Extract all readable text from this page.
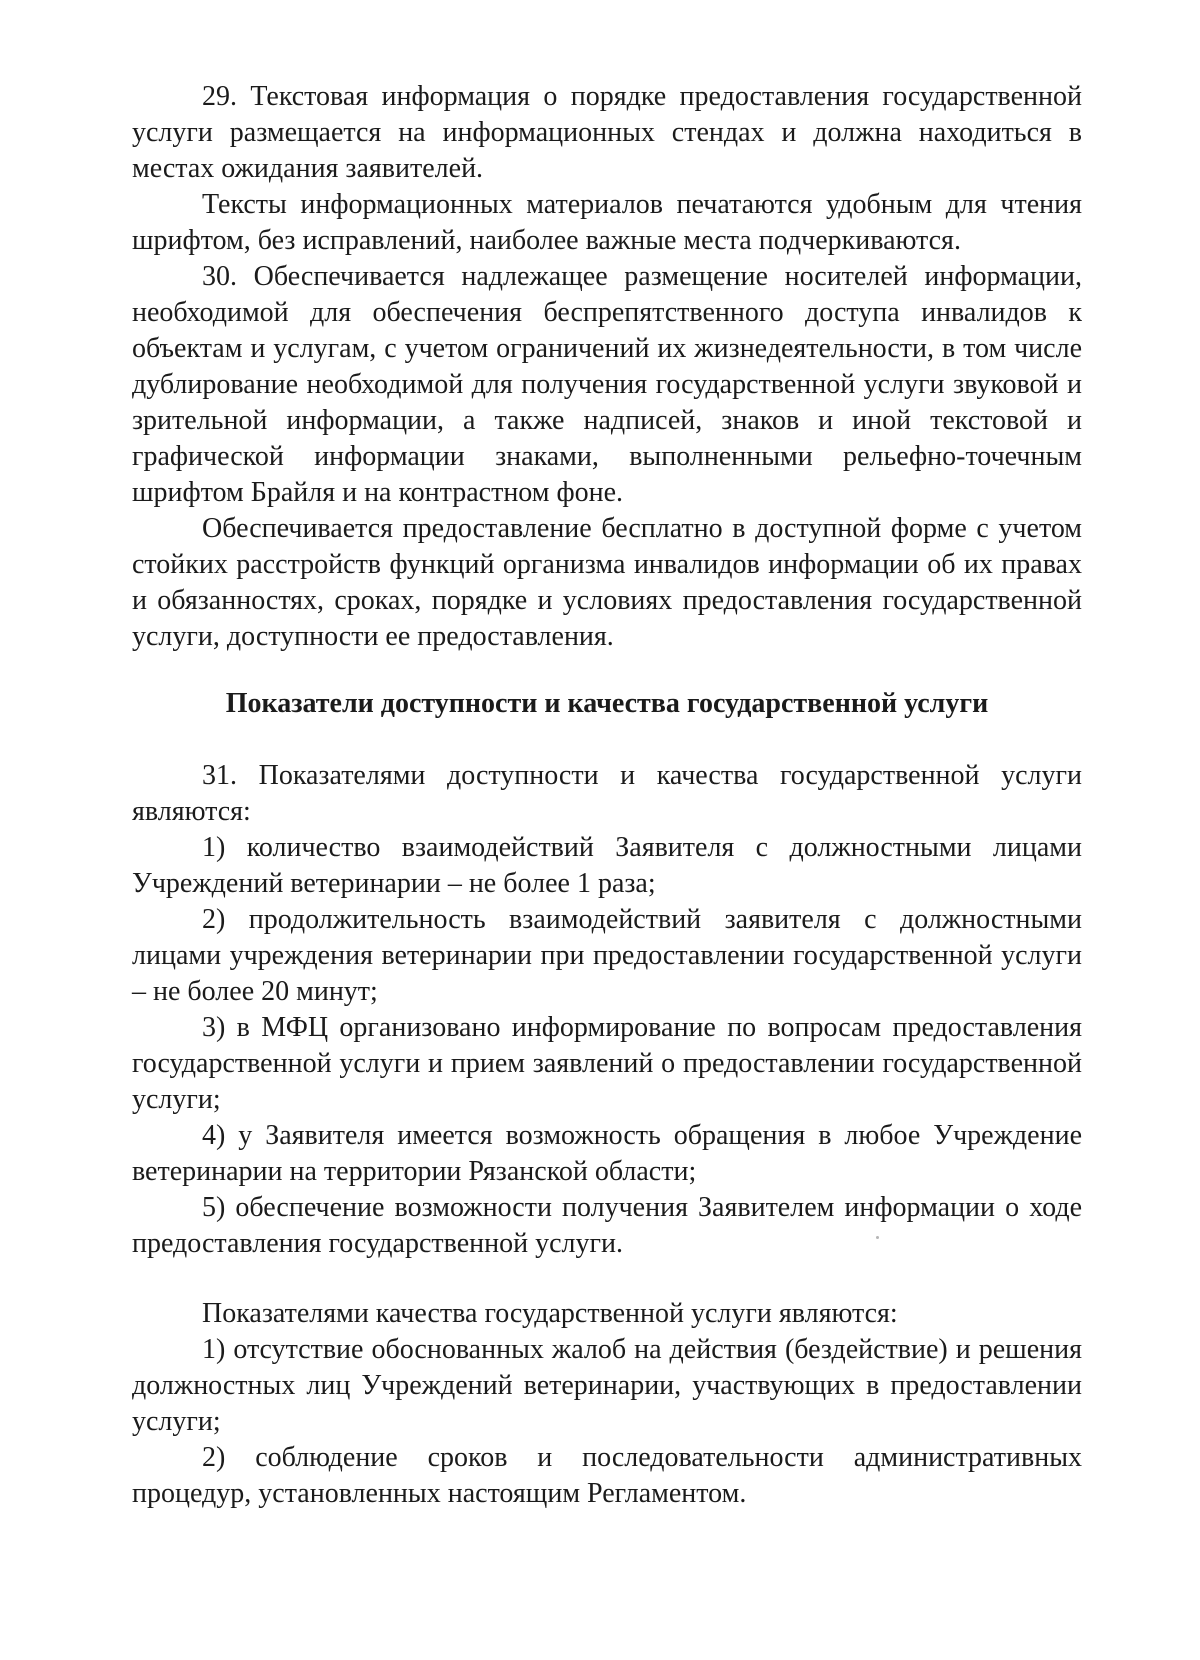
29. Текстовая информация о порядке предоставления государственной услуги размещается на информационных стендах и должна находиться в местах ожидания заявителей.

Тексты информационных материалов печатаются удобным для чтения шрифтом, без исправлений, наиболее важные места подчеркиваются.

30. Обеспечивается надлежащее размещение носителей информации, необходимой для обеспечения беспрепятственного доступа инвалидов к объектам и услугам, с учетом ограничений их жизнедеятельности, в том числе дублирование необходимой для получения государственной услуги звуковой и зрительной информации, а также надписей, знаков и иной текстовой и графической информации знаками, выполненными рельефно-точечным шрифтом Брайля и на контрастном фоне.

Обеспечивается предоставление бесплатно в доступной форме с учетом стойких расстройств функций организма инвалидов информации об их правах и обязанностях, сроках, порядке и условиях предоставления государственной услуги, доступности ее предоставления.

Показатели доступности и качества государственной услуги

31. Показателями доступности и качества государственной услуги являются:

1) количество взаимодействий Заявителя с должностными лицами Учреждений ветеринарии – не более 1 раза;

2) продолжительность взаимодействий заявителя с должностными лицами учреждения ветеринарии при предоставлении государственной услуги – не более 20 минут;

3) в МФЦ организовано информирование по вопросам предоставления государственной услуги и прием заявлений о предоставлении государственной услуги;

4) у Заявителя имеется возможность обращения в любое Учреждение ветеринарии на территории Рязанской области;

5) обеспечение возможности получения Заявителем информации о ходе предоставления государственной услуги.

Показателями качества государственной услуги являются:

1) отсутствие обоснованных жалоб на действия (бездействие) и решения должностных лиц Учреждений ветеринарии, участвующих в предоставлении услуги;

2) соблюдение сроков и последовательности административных процедур, установленных настоящим Регламентом.
